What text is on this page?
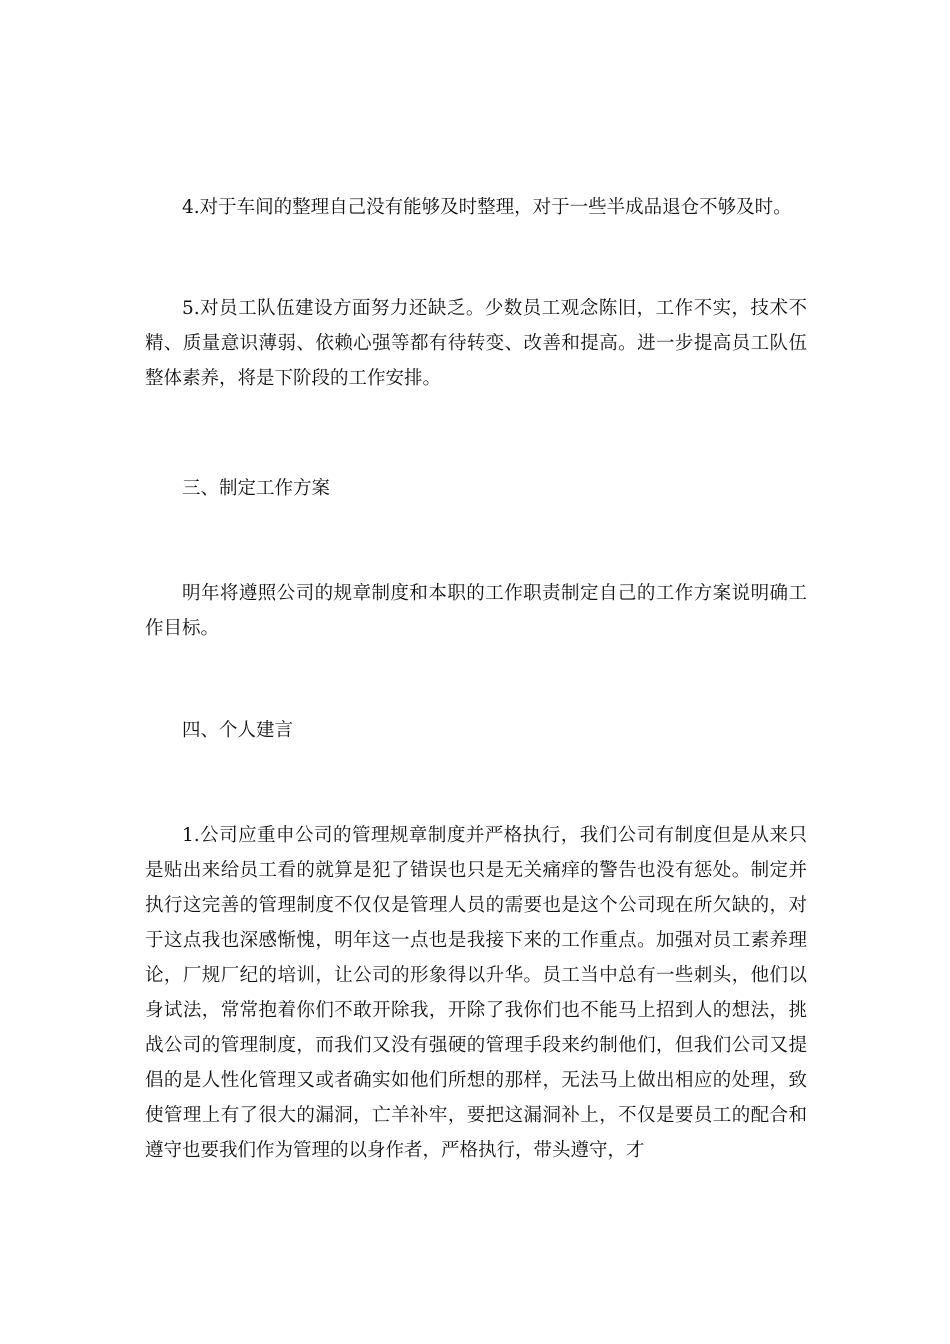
4.对于车间的整理自己没有能够及时整理，对于一些半成品退仓不够及时。

5.对员工队伍建设方面努力还缺乏。少数员工观念陈旧，工作不实，技术不精、质量意识薄弱、依赖心强等都有待转变、改善和提高。进一步提高员工队伍整体素养，将是下阶段的工作安排。

三、制定工作方案

明年将遵照公司的规章制度和本职的工作职责制定自己的工作方案说明确工作目标。

四、个人建言

1.公司应重申公司的管理规章制度并严格执行，我们公司有制度但是从来只是贴出来给员工看的就算是犯了错误也只是无关痛痒的警告也没有惩处。制定并执行这完善的管理制度不仅仅是管理人员的需要也是这个公司现在所欠缺的，对于这点我也深感惭愧，明年这一点也是我接下来的工作重点。加强对员工素养理论，厂规厂纪的培训，让公司的形象得以升华。员工当中总有一些刺头，他们以身试法，常常抱着你们不敢开除我，开除了我你们也不能马上招到人的想法，挑战公司的管理制度，而我们又没有强硬的管理手段来约制他们，但我们公司又提倡的是人性化管理又或者确实如他们所想的那样，无法马上做出相应的处理，致使管理上有了很大的漏洞，亡羊补牢，要把这漏洞补上，不仅是要员工的配合和遵守也要我们作为管理的以身作者，严格执行，带头遵守，才
